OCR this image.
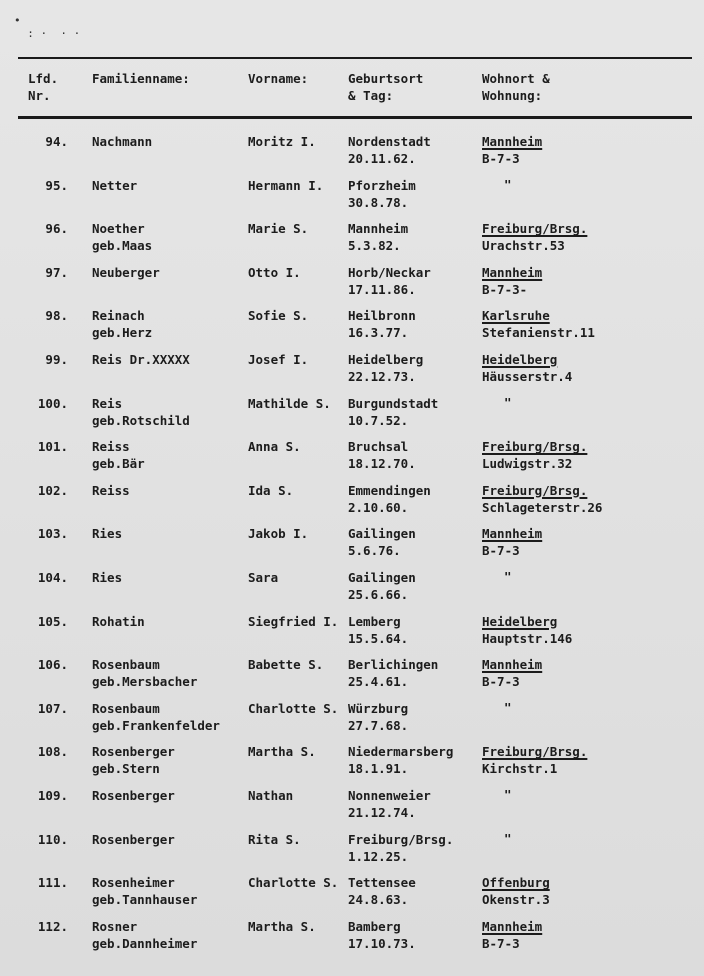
•
: ·  · ·
Lfd.
Nr.
Familienname:	Vorname:	Geburtsort
& Tag:
Wohnort &
Wohnung:
94. Nachmann	Moritz I.	Nordenstadt
20.11.62.
Mannheim
B-7-3
95. Netter	Hermann I. Pforzheim
30.8.78.
"
96. Noether
geb.Maas
Marie S.	Mannheim
5.3.82.
Freiburg/Brsg.
Urachstr.53
97. Neuberger	Otto I.	Horb/Neckar
17.11.86.
Mannheim
B-7-3-
98. Reinach
geb.Herz
Sofie S.	Heilbronn
16.3.77.
Karlsruhe
Stefanienstr.11
99. Reis Dr.XXXXX	Josef I.	Heidelberg
22.12.73.
Heidelberg
Häusserstr.4
100. Reis
geb.Rotschild
Mathilde S. Burgundstadt
10.7.52.
"
101. Reiss
geb.Bär
Anna S.	Bruchsal
18.12.70.
Freiburg/Brsg.
Ludwigstr.32
102. Reiss	Ida S.	Emmendingen
2.10.60.
Freiburg/Brsg.
Schlageterstr.26
103. Ries	Jakob I.	Gailingen
5.6.76.
Mannheim
B-7-3
104. Ries	Sara	Gailingen
25.6.66.
"
105. Rohatin	Siegfried I. Lemberg
15.5.64.
Heidelberg
Hauptstr.146
106. Rosenbaum
geb.Mersbacher
Babette S. Berlichingen
25.4.61.
Mannheim
B-7-3
107. Rosenbaum
geb.Frankenfelder
Charlotte S. Würzburg
27.7.68.
"
108. Rosenberger
geb.Stern
Martha S.	Niedermarsberg
18.1.91.
Freiburg/Brsg.
Kirchstr.1
109. Rosenberger	Nathan	Nonnenweier
21.12.74.
"
110. Rosenberger	Rita S.	Freiburg/Brsg.
1.12.25.
"
111. Rosenheimer
geb.Tannhauser
Charlotte S. Tettensee
24.8.63.
Offenburg
Okenstr.3
112. Rosner
geb.Dannheimer
Martha S.	Bamberg
17.10.73.
Mannheim
B-7-3
